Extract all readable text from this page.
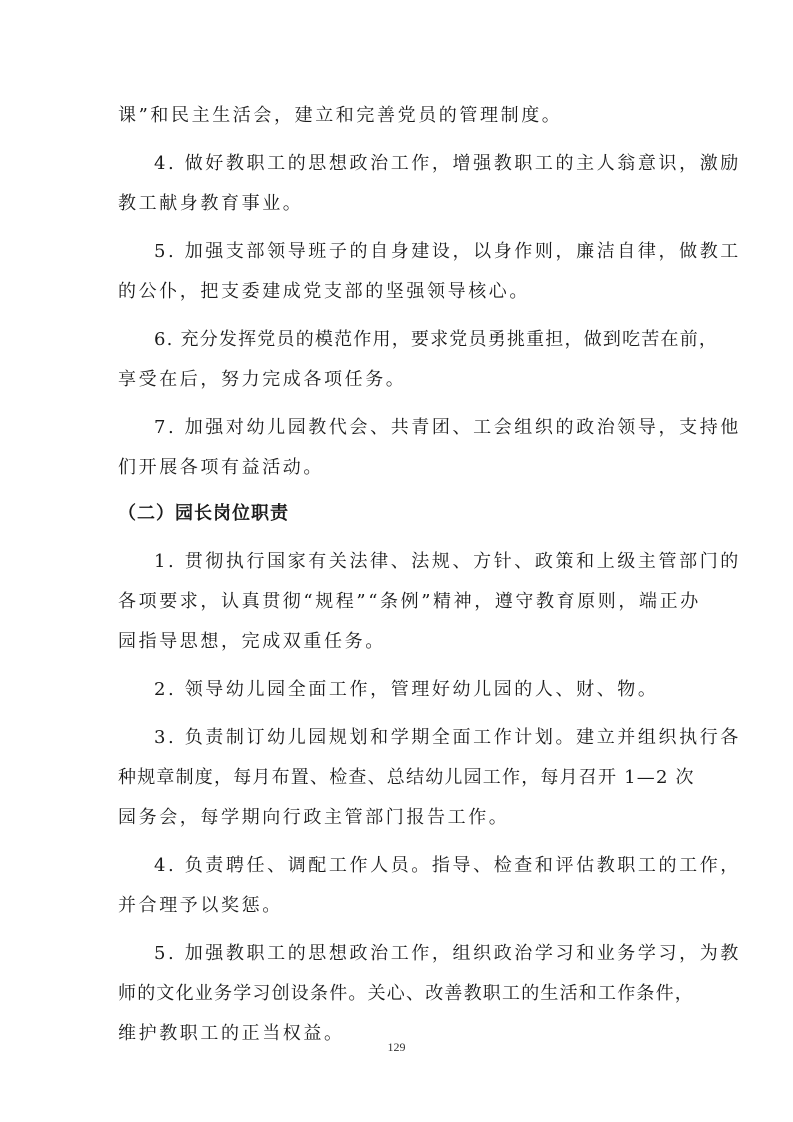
课”和民主生活会，建立和完善党员的管理制度。
4. 做好教职工的思想政治工作，增强教职工的主人翁意识，激励
教工献身教育事业。
5. 加强支部领导班子的自身建设，以身作则，廉洁自律，做教工
的公仆，把支委建成党支部的坚强领导核心。
6. 充分发挥党员的模范作用，要求党员勇挑重担，做到吃苦在前，
享受在后，努力完成各项任务。
7. 加强对幼儿园教代会、共青团、工会组织的政治领导，支持他
们开展各项有益活动。
（二）园长岗位职责
1. 贯彻执行国家有关法律、法规、方针、政策和上级主管部门的
各项要求，认真贯彻“规程”“条例”精神，遵守教育原则，端正办
园指导思想，完成双重任务。
2. 领导幼儿园全面工作，管理好幼儿园的人、财、物。
3. 负责制订幼儿园规划和学期全面工作计划。建立并组织执行各
种规章制度，每月布置、检查、总结幼儿园工作，每月召开 1—2 次
园务会，每学期向行政主管部门报告工作。
4. 负责聘任、调配工作人员。指导、检查和评估教职工的工作，
并合理予以奖惩。
5. 加强教职工的思想政治工作，组织政治学习和业务学习，为教
师的文化业务学习创设条件。关心、改善教职工的生活和工作条件，
维护教职工的正当权益。
129
